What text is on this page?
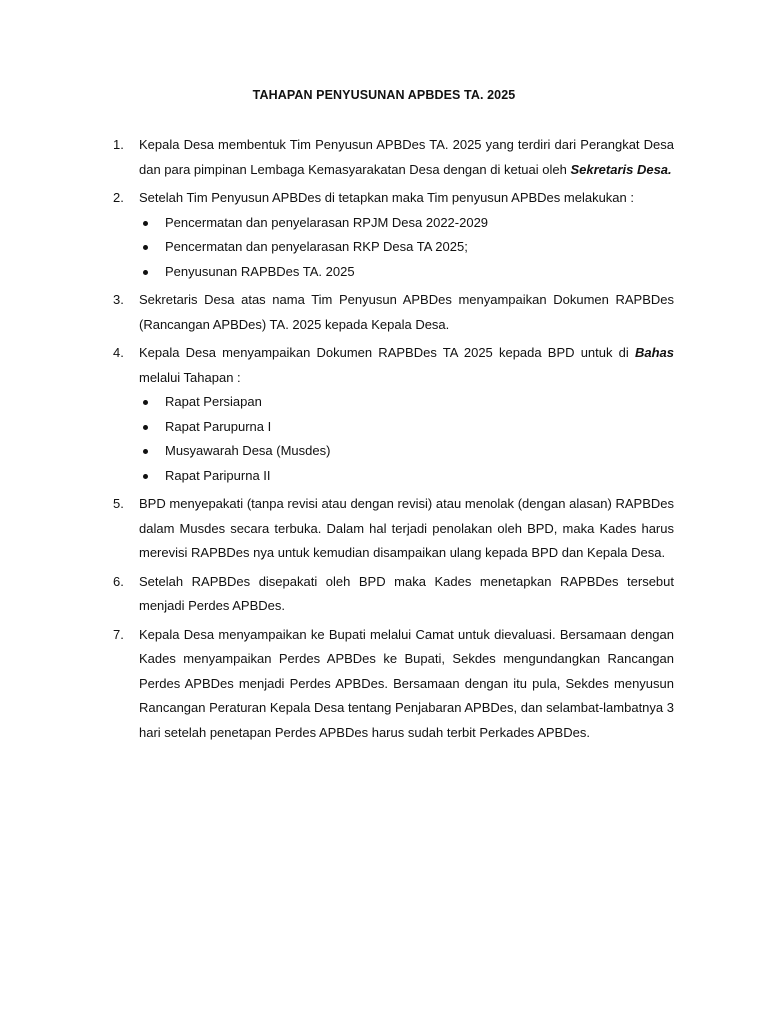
TAHAPAN PENYUSUNAN APBDES TA. 2025
1.	Kepala Desa membentuk Tim Penyusun APBDes TA. 2025 yang terdiri dari Perangkat Desa dan para pimpinan Lembaga Kemasyarakatan Desa dengan di ketuai oleh Sekretaris Desa.
2.	Setelah Tim Penyusun APBDes di tetapkan maka Tim penyusun APBDes melakukan :
Pencermatan dan penyelarasan RPJM Desa 2022-2029
Pencermatan dan penyelarasan RKP Desa TA 2025;
Penyusunan RAPBDes TA. 2025
3.	Sekretaris Desa atas nama Tim Penyusun APBDes menyampaikan Dokumen RAPBDes (Rancangan APBDes) TA. 2025 kepada Kepala Desa.
4.	Kepala Desa menyampaikan Dokumen RAPBDes TA 2025 kepada BPD untuk di Bahas melalui Tahapan :
Rapat Persiapan
Rapat Parupurna I
Musyawarah Desa (Musdes)
Rapat Paripurna II
5.	BPD menyepakati (tanpa revisi atau dengan revisi) atau menolak (dengan alasan) RAPBDes dalam Musdes secara terbuka. Dalam hal terjadi penolakan oleh BPD, maka Kades harus merevisi RAPBDes nya untuk kemudian disampaikan ulang kepada BPD dan Kepala Desa.
6.	Setelah RAPBDes disepakati oleh BPD maka Kades menetapkan RAPBDes tersebut menjadi Perdes APBDes.
7.	Kepala Desa menyampaikan ke Bupati melalui Camat untuk dievaluasi. Bersamaan dengan Kades menyampaikan Perdes APBDes ke Bupati, Sekdes mengundangkan Rancangan Perdes APBDes menjadi Perdes APBDes. Bersamaan dengan itu pula, Sekdes menyusun Rancangan Peraturan Kepala Desa tentang Penjabaran APBDes, dan selambat-lambatnya 3 hari setelah penetapan Perdes APBDes harus sudah terbit Perkades APBDes.
